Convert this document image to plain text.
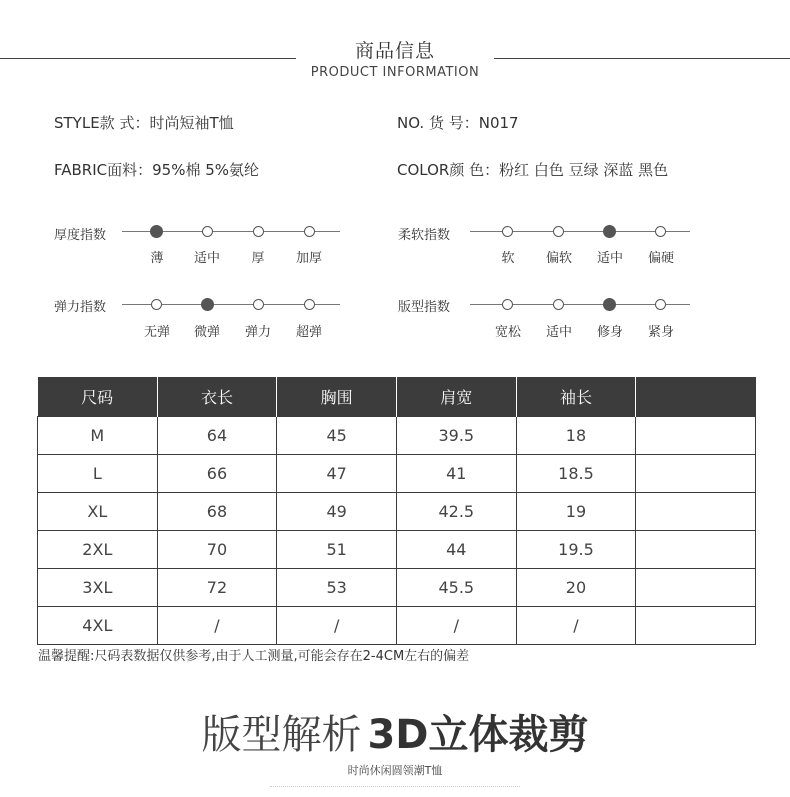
商品信息
PRODUCT INFORMATION
STYLE款 式：时尚短袖T恤	NO. 货 号：N017
FABRIC面料：95%棉 5%氨纶	COLOR颜 色：粉红 白色 豆绿 深蓝 黑色
厚度指数
薄	适中	厚	加厚
柔软指数
软	偏软	适中	偏硬
弹力指数
无弹	微弹	弹力	超弹
版型指数
宽松	适中	修身	紧身
尺码	衣长	胸围	肩宽	袖长	
M	64	45	39.5	18	
L	66	47	41	18.5	
XL	68	49	42.5	19	
2XL	70	51	44	19.5	
3XL	72	53	45.5	20	
4XL	/	/	/	/	
温馨提醒:尺码表数据仅供参考,由于人工测量,可能会存在2-4CM左右的偏差
版型解析 3D立体裁剪
时尚休闲圆领潮T恤
